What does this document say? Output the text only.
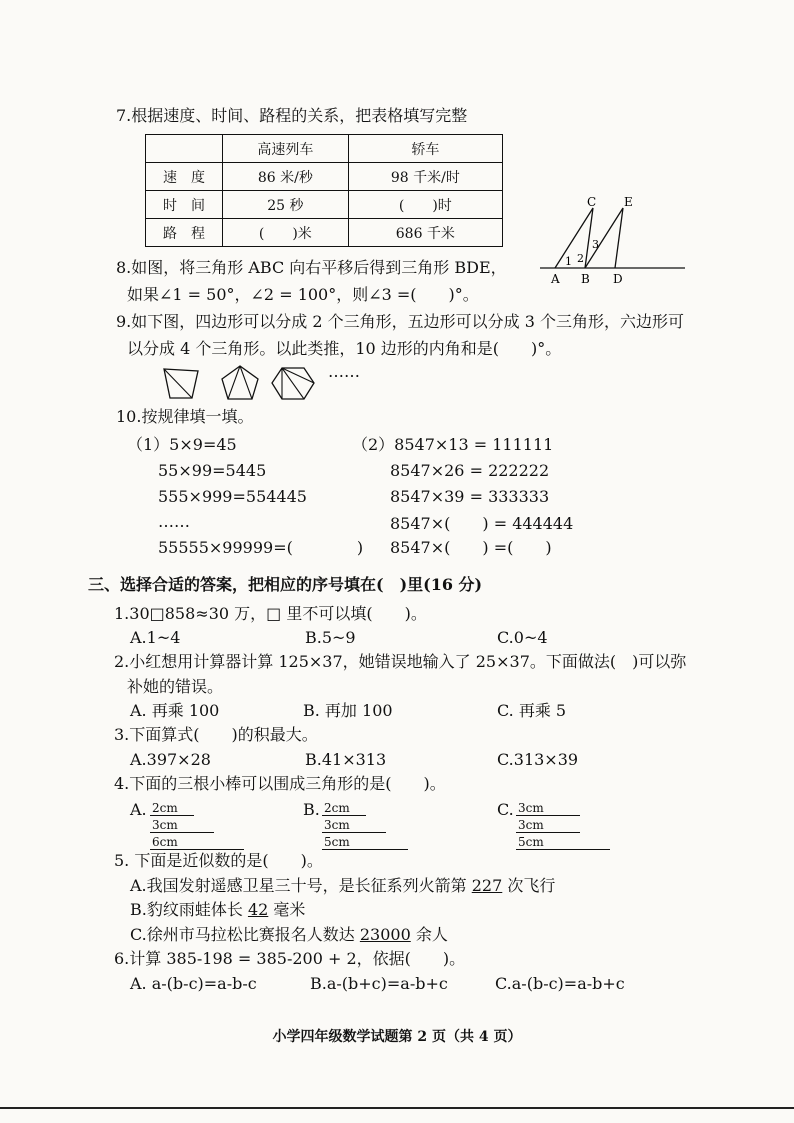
7.根据速度、时间、路程的关系，把表格填写完整
	高速列车	轿车
速　度	86 米/秒	98 千米/时
时　间	25 秒	(　　)时
路　程	(　　)米	686 千米
A B D
C E
1 2
3
8.如图，将三角形 ABC 向右平移后得到三角形 BDE，
如果∠1 = 50°，∠2 = 100°，则∠3 =(　　)°。
9.如下图，四边形可以分成 2 个三角形，五边形可以分成 3 个三角形，六边形可
以分成 4 个三角形。以此类推，10 边形的内角和是(　　)°。
……
10.按规律填一填。
（1）5×9=45
55×99=5445
555×999=554445
……
55555×99999=(　　　　)
（2）8547×13 = 111111
8547×26 = 222222
8547×39 = 333333
8547×(　　) = 444444
8547×(　　) =(　　)
三、选择合适的答案，把相应的序号填在(　)里(16 分)
1.30□858≈30 万，□ 里不可以填(　　)。
A.1~4	B.5~9	C.0~4
2.小红想用计算器计算 125×37，她错误地输入了 25×37。下面做法(　)可以弥
补她的错误。
A. 再乘 100	B. 再加 100	C. 再乘 5
3.下面算式(　　)的积最大。
A.397×28	B.41×313	C.313×39
4.下面的三根小棒可以围成三角形的是(　　)。
A.	B.	C.
2cm
3cm
6cm
2cm
3cm
5cm
3cm
3cm
5cm
5. 下面是近似数的是(　　)。
A.我国发射遥感卫星三十号，是长征系列火箭第 227 次飞行
B.豹纹雨蛙体长 42 毫米
C.徐州市马拉松比赛报名人数达 23000 余人
6.计算 385-198 = 385-200 + 2，依据(　　)。
A. a-(b-c)=a-b-c	B.a-(b+c)=a-b+c	C.a-(b-c)=a-b+c
小学四年级数学试题第 2 页（共 4 页）
